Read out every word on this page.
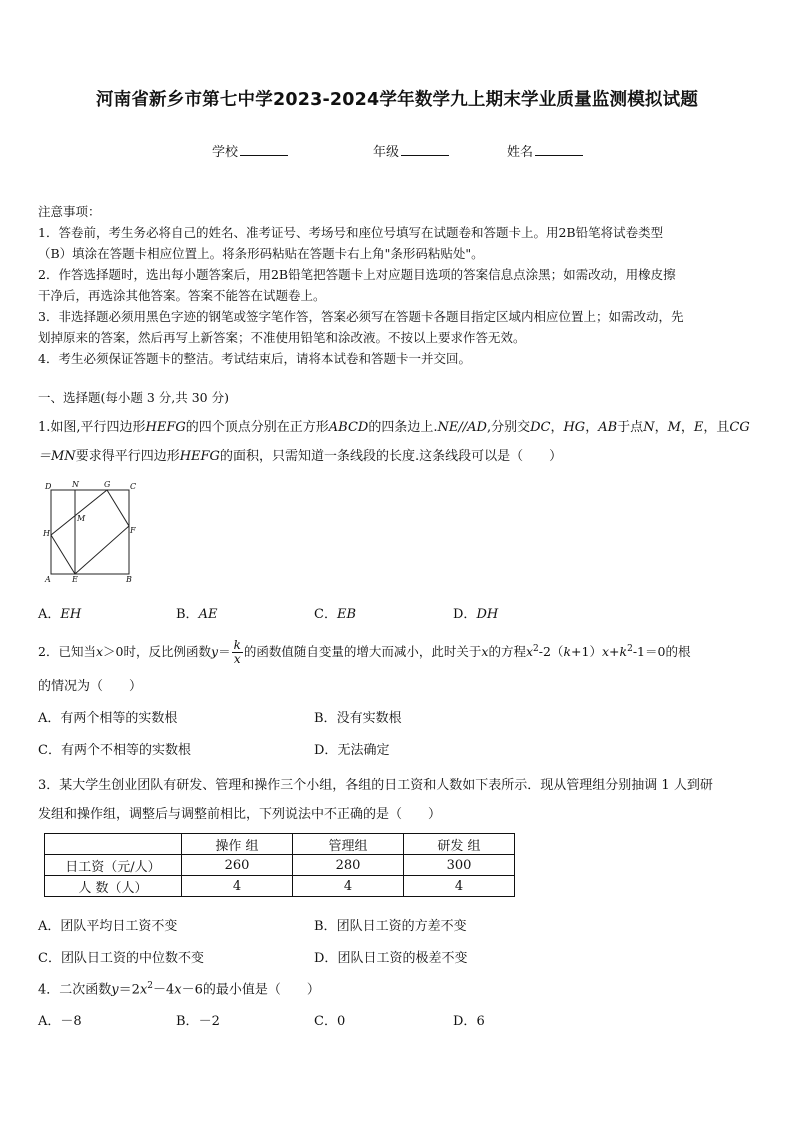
河南省新乡市第七中学2023-2024学年数学九上期末学业质量监测模拟试题
学校	年级	姓名

注意事项：

1．答卷前，考生务必将自己的姓名、准考证号、考场号和座位号填写在试题卷和答题卡上。用2B铅笔将试卷类型

（B）填涂在答题卡相应位置上。将条形码粘贴在答题卡右上角"条形码粘贴处"。

2．作答选择题时，选出每小题答案后，用2B铅笔把答题卡上对应题目选项的答案信息点涂黑；如需改动，用橡皮擦

干净后，再选涂其他答案。答案不能答在试题卷上。

3．非选择题必须用黑色字迹的钢笔或签字笔作答，答案必须写在答题卡各题目指定区域内相应位置上；如需改动，先

划掉原来的答案，然后再写上新答案；不准使用铅笔和涂改液。不按以上要求作答无效。

4．考生必须保证答题卡的整洁。考试结束后，请将本试卷和答题卡一并交回。

一、选择题(每小题 3 分,共 30 分)

1.如图,平行四边形HEFG的四个顶点分别在正方形ABCD的四条边上.NE//AD,分别交DC，HG，AB于点N，M，E，且CG＝MN要求得平行四边形HEFG的面积，只需知道一条线段的长度.这条线段可以是（　　）

D	N	G C
M
H	F
A	E	B
A．EH	B．AE	C．EB	D．DH

2．已知当x＞0时，反比例函数$y= \frac{k}{x}$ 的函数值随自变量的增大而减小，此时关于x的方程$x^2-2(k+1)x+k^2-1=0$的根

的情况为（　　）
A．有两个相等的实数根	B．没有实数根
C．有两个不相等的实数根	D．无法确定

3．某大学生创业团队有研发、管理和操作三个小组，各组的日工资和人数如下表所示．现从管理组分别抽调 1 人到研

发组和操作组，调整后与调整前相比，下列说法中不正确的是（　　）

	操作 组	管理组	研发 组
日工资（元/人）	260	280	300
人 数（人）	4	4	4
A．团队平均日工资不变	B．团队日工资的方差不变
C．团队日工资的中位数不变	D．团队日工资的极差不变

4．二次函数$y=2x^2-4x-6$的最小值是（　　）

A．－8	B．－2	C．0	D．6
